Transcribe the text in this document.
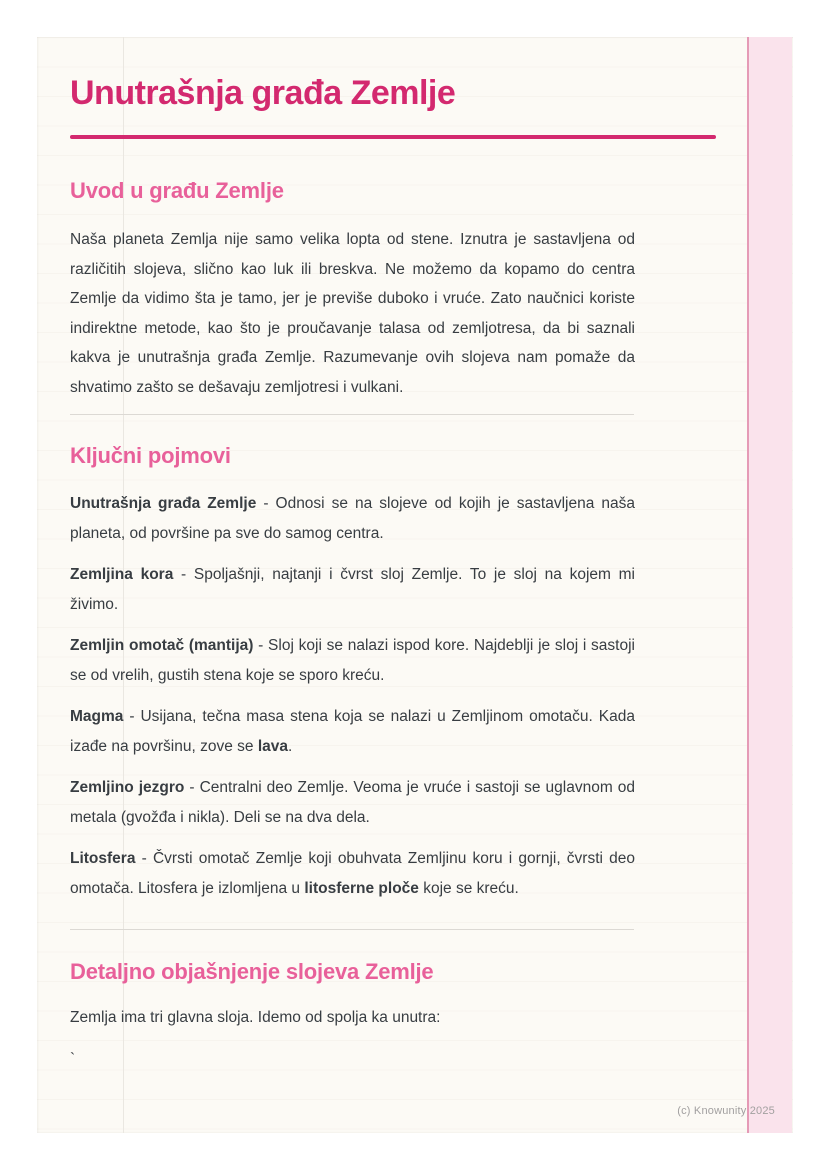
Unutrašnja građa Zemlje
Uvod u građu Zemlje

Naša planeta Zemlja nije samo velika lopta od stene. Iznutra je sastavljena od različitih slojeva, slično kao luk ili breskva. Ne možemo da kopamo do centra Zemlje da vidimo šta je tamo, jer je previše duboko i vruće. Zato naučnici koriste indirektne metode, kao što je proučavanje talasa od zemljotresa, da bi saznali kakva je unutrašnja građa Zemlje. Razumevanje ovih slojeva nam pomaže da shvatimo zašto se dešavaju zemljotresi i vulkani.

Ključni pojmovi

Unutrašnja građa Zemlje - Odnosi se na slojeve od kojih je sastavljena naša planeta, od površine pa sve do samog centra.

Zemljina kora - Spoljašnji, najtanji i čvrst sloj Zemlje. To je sloj na kojem mi živimo.

Zemljin omotač (mantija) - Sloj koji se nalazi ispod kore. Najdeblji je sloj i sastoji se od vrelih, gustih stena koje se sporo kreću.

Magma - Usijana, tečna masa stena koja se nalazi u Zemljinom omotaču. Kada izađe na površinu, zove se lava.

Zemljino jezgro - Centralni deo Zemlje. Veoma je vruće i sastoji se uglavnom od metala (gvožđa i nikla). Deli se na dva dela.

Litosfera - Čvrsti omotač Zemlje koji obuhvata Zemljinu koru i gornji, čvrsti deo omotača. Litosfera je izlomljena u litosferne ploče koje se kreću.

Detaljno objašnjenje slojeva Zemlje

Zemlja ima tri glavna sloja. Idemo od spolja ka unutra:

`

(c) Knowunity 2025
